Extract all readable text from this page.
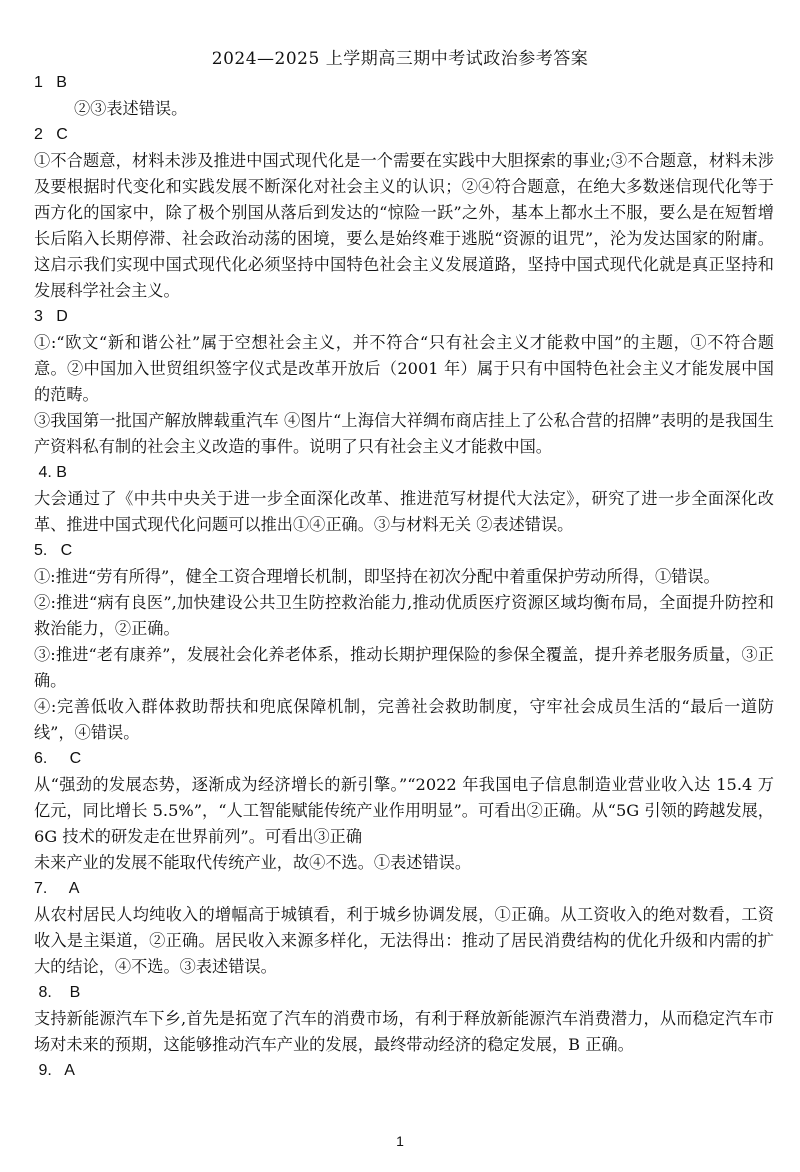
2024—2025 上学期高三期中考试政治参考答案
1   B

②③表述错误。

2   C

①不合题意，材料未涉及推进中国式现代化是一个需要在实践中大胆探索的事业;③不合题意，材料未涉及要根据时代变化和实践发展不断深化对社会主义的认识；②④符合题意，在绝大多数迷信现代化等于西方化的国家中，除了极个别国从落后到发达的“惊险一跃”之外，基本上都水土不服，要么是在短暂增长后陷入长期停滞、社会政治动荡的困境，要么是始终难于逃脱“资源的诅咒”，沦为发达国家的附庸。这启示我们实现中国式现代化必须坚持中国特色社会主义发展道路，坚持中国式现代化就是真正坚持和发展科学社会主义。

3   D

①:“欧文“新和谐公社”属于空想社会主义，并不符合“只有社会主义才能救中国”的主题，①不符合题意。②中国加入世贸组织签字仪式是改革开放后（2001 年）属于只有中国特色社会主义才能发展中国的范畴。

③我国第一批国产解放牌载重汽车 ④图片“上海信大祥绸布商店挂上了公私合营的招牌”表明的是我国生产资料私有制的社会主义改造的事件。说明了只有社会主义才能救中国。

4. B

大会通过了《中共中央关于进一步全面深化改革、推进范写材提代大法定》，研究了进一步全面深化改革、推进中国式现代化问题可以推出①④正确。③与材料无关 ②表述错误。

5.   C

①:推进“劳有所得”，健全工资合理增长机制，即坚持在初次分配中着重保护劳动所得，①错误。

②:推进“病有良医”,加快建设公共卫生防控救治能力,推动优质医疗资源区域均衡布局，全面提升防控和救治能力，②正确。

③:推进“老有康养”，发展社会化养老体系，推动长期护理保险的参保全覆盖，提升养老服务质量，③正确。

④:完善低收入群体救助帮扶和兜底保障机制，完善社会救助制度，守牢社会成员生活的“最后一道防线”，④错误。

6.     C

从“强劲的发展态势，逐渐成为经济增长的新引擎。”“2022 年我国电子信息制造业营业收入达 15.4 万亿元，同比增长 5.5%”，“人工智能赋能传统产业作用明显”。可看出②正确。从“5G 引领的跨越发展，6G 技术的研发走在世界前列”。可看出③正确

未来产业的发展不能取代传统产业，故④不选。①表述错误。

7.     A

从农村居民人均纯收入的增幅高于城镇看，利于城乡协调发展，①正确。从工资收入的绝对数看，工资收入是主渠道，②正确。居民收入来源多样化，无法得出：推动了居民消费结构的优化升级和内需的扩大的结论，④不选。③表述错误。

8.    B

支持新能源汽车下乡,首先是拓宽了汽车的消费市场，有利于释放新能源汽车消费潜力，从而稳定汽车市场对未来的预期，这能够推动汽车产业的发展，最终带动经济的稳定发展，B 正确。

9.   A
1
